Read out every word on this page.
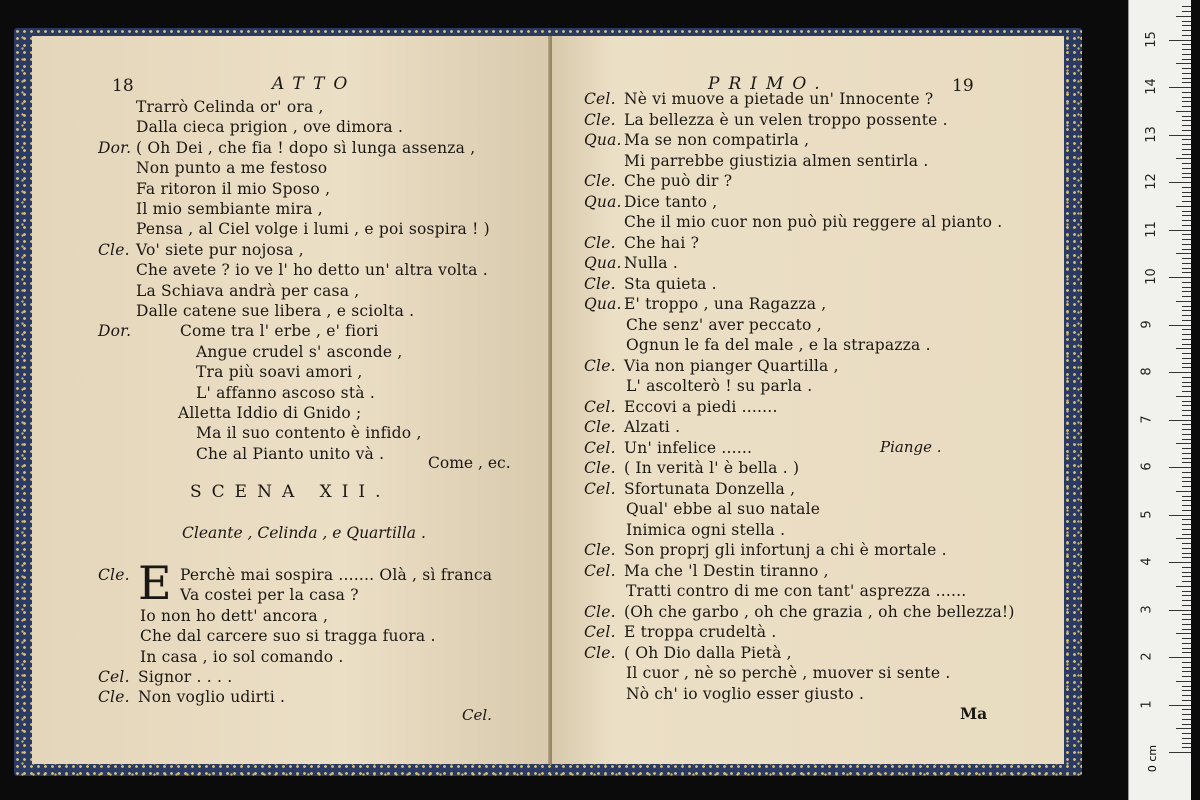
18	ATTO
Trarrò Celinda or' ora ,
Dalla cieca prigion , ove dimora .
Dor. ( Oh Dei , che fia ! dopo sì lunga assenza ,
Non punto a me festoso
Fa ritoron il mio Sposo ,
Il mio sembiante mira ,
Pensa , al Ciel volge i lumi , e poi sospira ! )
Cle. Vo' siete pur nojosa ,
Che avete ? io ve l' ho detto un' altra volta .
La Schiava andrà per casa ,
Dalle catene sue libera , e sciolta .
Dor.	Come tra l' erbe , e' fiori
Angue crudel s' asconde ,
Tra più soavi amori ,
L' affanno ascoso stà .
Alletta Iddio di Gnido ;
Ma il suo contento è infido ,
Che al Pianto unito và .
Come , ec.
SCENA XII.
Cleante , Celinda , e Quartilla .
E
Cle.	Perchè mai sospira ....... Olà , sì franca
Va costei per la casa ?
Io non ho dett' ancora ,
Che dal carcere suo si tragga fuora .
In casa , io sol comando .
Cel. Signor . . . .
Cle. Non voglio udirti .
Cel.
PRIMO.	19
Cel. Nè vi muove a pietade un' Innocente ?
Cle. La bellezza è un velen troppo possente .
Qua. Ma se non compatirla ,
Mi parrebbe giustizia almen sentirla .
Cle. Che può dir ?
Qua. Dice tanto ,
Che il mio cuor non può più reggere al pianto .
Cle. Che hai ?
Qua. Nulla .
Cle. Sta quieta .
Qua. E' troppo , una Ragazza ,
Che senz' aver peccato ,
Ognun le fa del male , e la strapazza .
Cle. Via non pianger Quartilla ,
L' ascolterò ! su parla .
Cel. Eccovi a piedi .......
Cle. Alzati .
Cel. Un' infelice ......
Cle. ( In verità l' è bella . )
Cel. Sfortunata Donzella ,
Qual' ebbe al suo natale
Inimica ogni stella .
Cle. Son proprj gli infortunj a chi è mortale .
Cel. Ma che 'l Destin tiranno ,
Tratti contro di me con tant' asprezza ......
Cle. (Oh che garbo , oh che grazia , oh che bellezza!)
Cel. E troppa crudeltà .
Cle. ( Oh Dio dalla Pietà ,
Il cuor , nè so perchè , muover si sente .
Nò ch' io voglio esser giusto .
Piange .
Ma	1
2
3
4
5
6
7
8
9
10
11
12
13
14
15
0 cm
